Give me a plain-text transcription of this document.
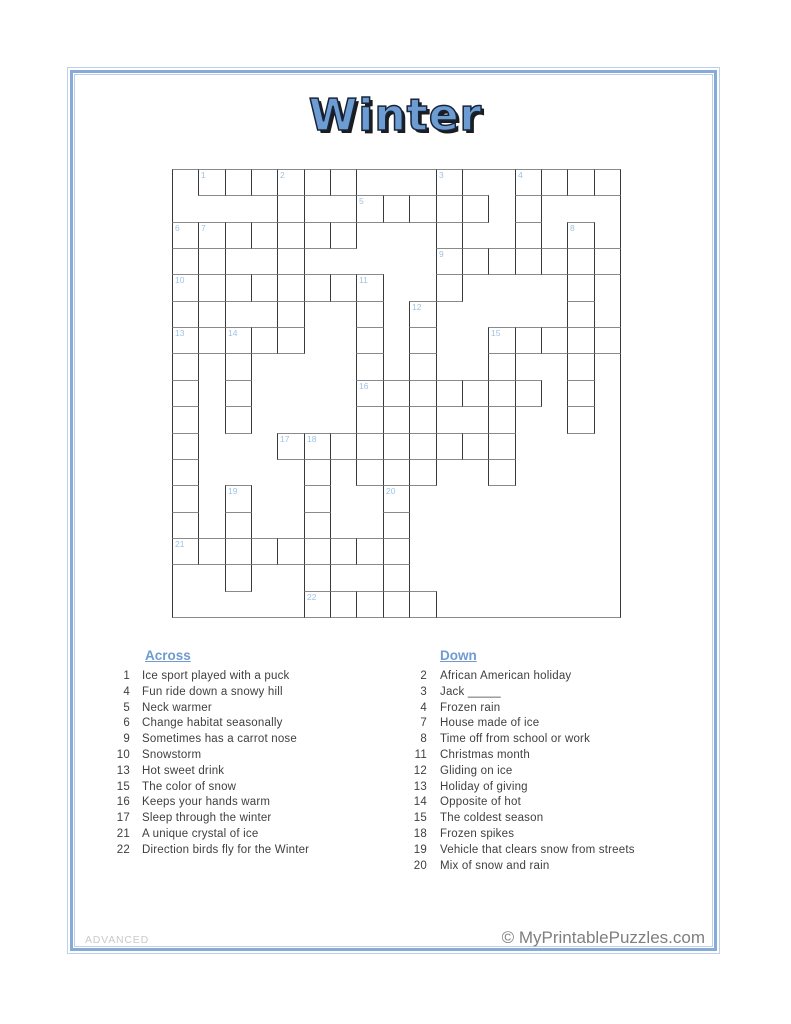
Winter
1	2	3	4
5
6	7	8
9
10	11
12
13	14	15
16
17 18
19	20
21
22
Across
1	Ice sport played with a puck
4	Fun ride down a snowy hill
5	Neck warmer
6	Change habitat seasonally
9	Sometimes has a carrot nose
10	Snowstorm
13	Hot sweet drink
15	The color of snow
16	Keeps your hands warm
17	Sleep through the winter
21	A unique crystal of ice
22	Direction birds fly for the Winter
Down
2	African American holiday
3	Jack _____
4	Frozen rain
7	House made of ice
8	Time off from school or work
11	Christmas month
12	Gliding on ice
13	Holiday of giving
14	Opposite of hot
15	The coldest season
18	Frozen spikes
19	Vehicle that clears snow from streets
20	Mix of snow and rain
ADVANCED	© MyPrintablePuzzles.com
